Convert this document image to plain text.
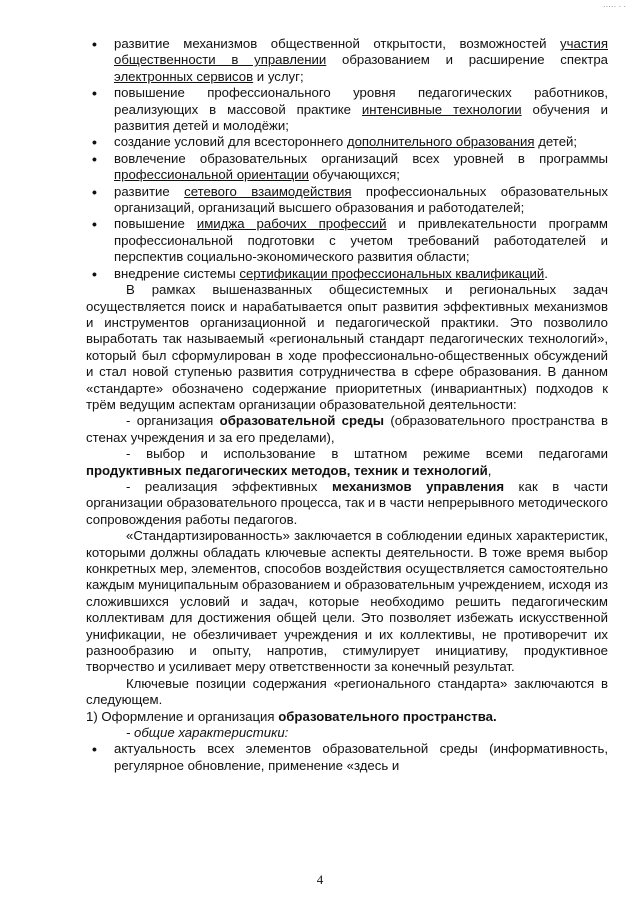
····· · ·
• развитие механизмов общественной открытости, возможностей участия общественности в управлении образованием и расширение спектра электронных сервисов и услуг;
• повышение профессионального уровня педагогических работников, реализующих в массовой практике интенсивные технологии обучения и развития детей и молодёжи;
• создание условий для всестороннего дополнительного образования детей;
• вовлечение образовательных организаций всех уровней в программы профессиональной ориентации обучающихся;
• развитие сетевого взаимодействия профессиональных образовательных организаций, организаций высшего образования и работодателей;
• повышение имиджа рабочих профессий и привлекательности программ профессиональной подготовки с учетом требований работодателей и перспектив социально-экономического развития области;
• внедрение системы сертификации профессиональных квалификаций.

В рамках вышеназванных общесистемных и региональных задач осуществляется поиск и нарабатывается опыт развития эффективных механизмов и инструментов организационной и педагогической практики. Это позволило выработать так называемый «региональный стандарт педагогических технологий», который был сформулирован в ходе профессионально-общественных обсуждений и стал новой ступенью развития сотрудничества в сфере образования. В данном «стандарте» обозначено содержание приоритетных (инвариантных) подходов к трём ведущим аспектам организации образовательной деятельности:

- организация образовательной среды (образовательного пространства в стенах учреждения и за его пределами),

- выбор и использование в штатном режиме всеми педагогами продуктивных педагогических методов, техник и технологий,

- реализация эффективных механизмов управления как в части организации образовательного процесса, так и в части непрерывного методического сопровождения работы педагогов.

«Стандартизированность» заключается в соблюдении единых характеристик, которыми должны обладать ключевые аспекты деятельности. В тоже время выбор конкретных мер, элементов, способов воздействия осуществляется самостоятельно каждым муниципальным образованием и образовательным учреждением, исходя из сложившихся условий и задач, которые необходимо решить педагогическим коллективам для достижения общей цели. Это позволяет избежать искусственной унификации, не обезличивает учреждения и их коллективы, не противоречит их разнообразию и опыту, напротив, стимулирует инициативу, продуктивное творчество и усиливает меру ответственности за конечный результат.

Ключевые позиции содержания «регионального стандарта» заключаются в следующем.

1) Оформление и организация образовательного пространства.

- общие характеристики:

• актуальность всех элементов образовательной среды (информативность, регулярное обновление, применение «здесь и
4
